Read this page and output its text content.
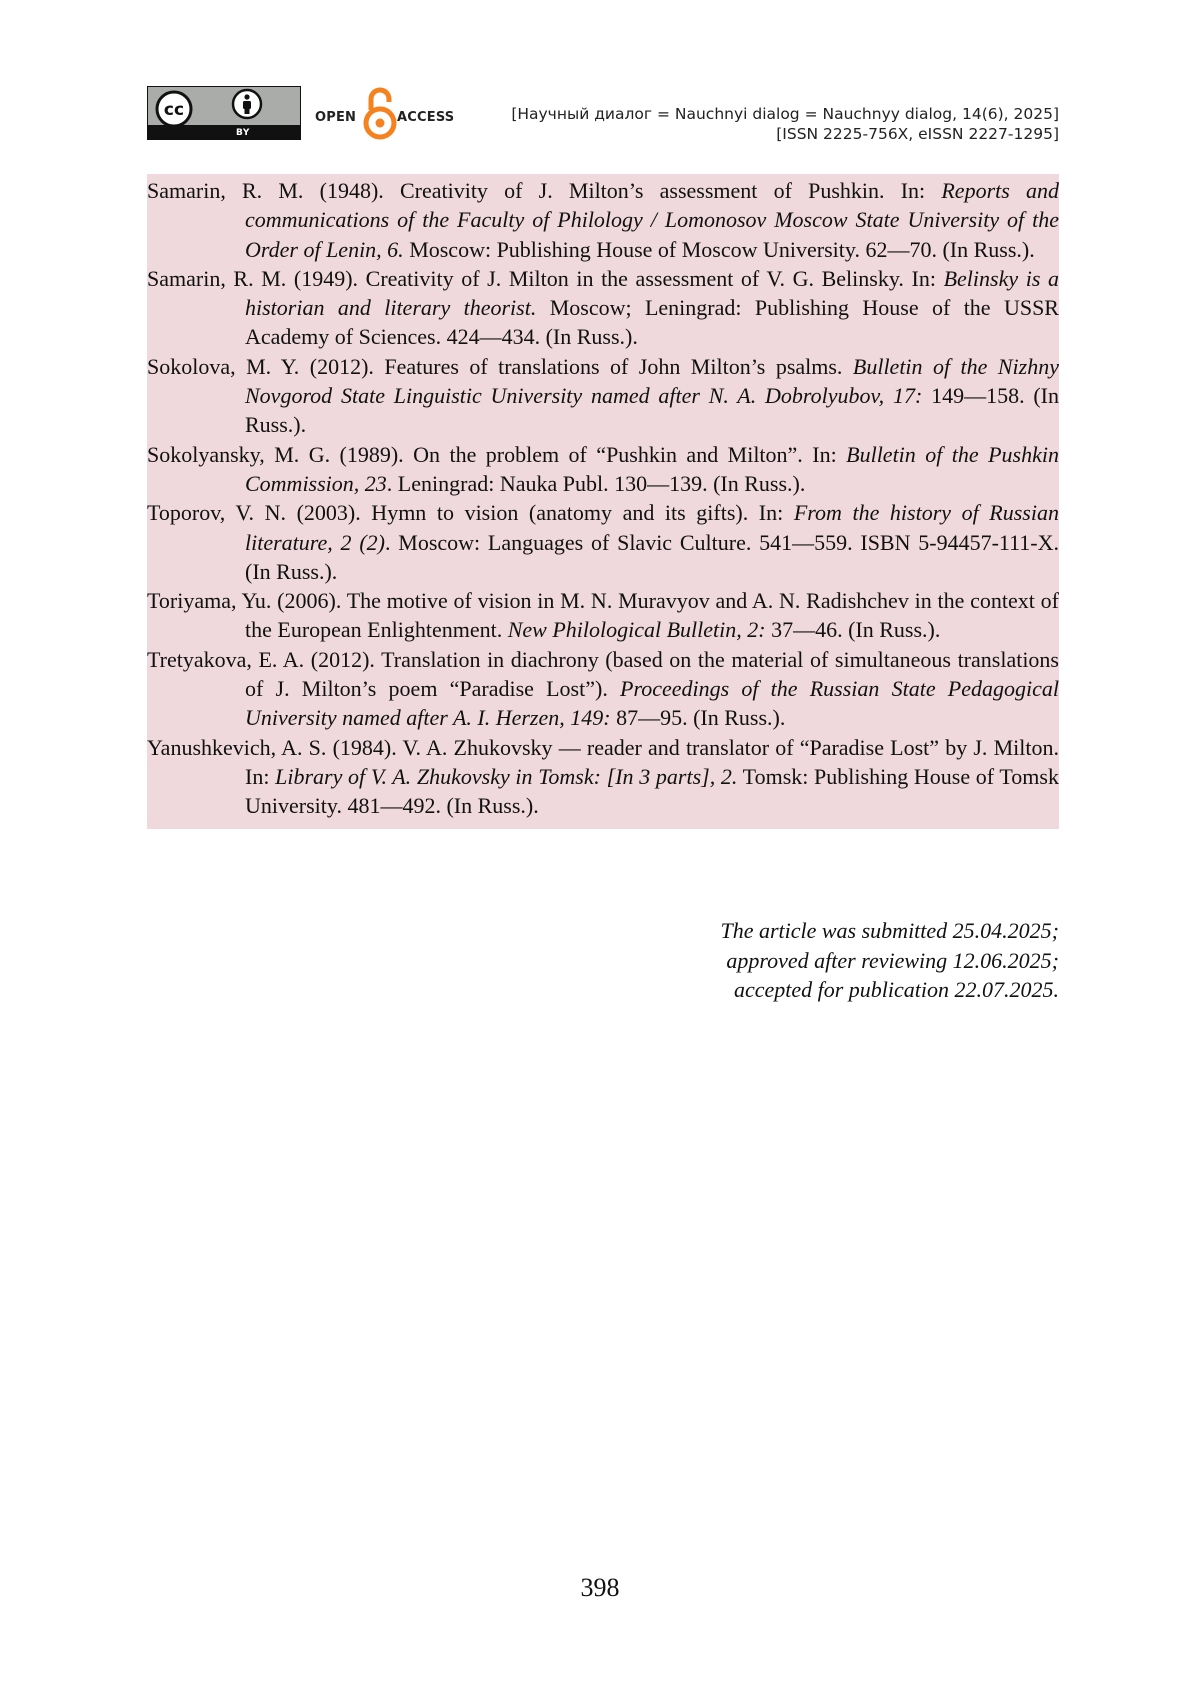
cc
BY
OPEN	ACCESS	[Научный диалог = Nauchnyi dialog = Nauchnyy dialog, 14(6), 2025]
[ISSN 2225-756X, eISSN 2227-1295]

Samarin, R. M. (1948). Creativity of J. Milton’s assessment of Pushkin. In: Reports and communications of the Faculty of Philology / Lomonosov Moscow State University of the Order of Lenin, 6. Moscow: Publishing House of Moscow University. 62—70. (In Russ.).

Samarin, R. M. (1949). Creativity of J. Milton in the assessment of V. G. Belinsky. In: Belinsky is a historian and literary theorist. Moscow; Leningrad: Publishing House of the USSR Academy of Sciences. 424—434. (In Russ.).

Sokolova, M. Y. (2012). Features of translations of John Milton’s psalms. Bulletin of the Nizhny Novgorod State Linguistic University named after N. A. Dobrolyubov, 17: 149—158. (In Russ.).

Sokolyansky, M. G. (1989). On the problem of “Pushkin and Milton”. In: Bulletin of the Pushkin Commission, 23. Leningrad: Nauka Publ. 130—139. (In Russ.).

Toporov, V. N. (2003). Hymn to vision (anatomy and its gifts). In: From the history of Russian literature, 2 (2). Moscow: Languages of Slavic Culture. 541—559. ISBN 5-94457-111-X. (In Russ.).

Toriyama, Yu. (2006). The motive of vision in M. N. Muravyov and A. N. Radishchev in the context of the European Enlightenment. New Philological Bulletin, 2: 37—46. (In Russ.).

Tretyakova, E. A. (2012). Translation in diachrony (based on the material of simultaneous translations of J. Milton’s poem “Paradise Lost”). Proceedings of the Russian State Pedagogical University named after A. I. Herzen, 149: 87—95. (In Russ.).

Yanushkevich, A. S. (1984). V. A. Zhukovsky — reader and translator of “Paradise Lost” by J. Milton. In: Library of V. A. Zhukovsky in Tomsk: [In 3 parts], 2. Tomsk: Publishing House of Tomsk University. 481—492. (In Russ.).

The article was submitted 25.04.2025;
approved after reviewing 12.06.2025;
accepted for publication 22.07.2025.
398
